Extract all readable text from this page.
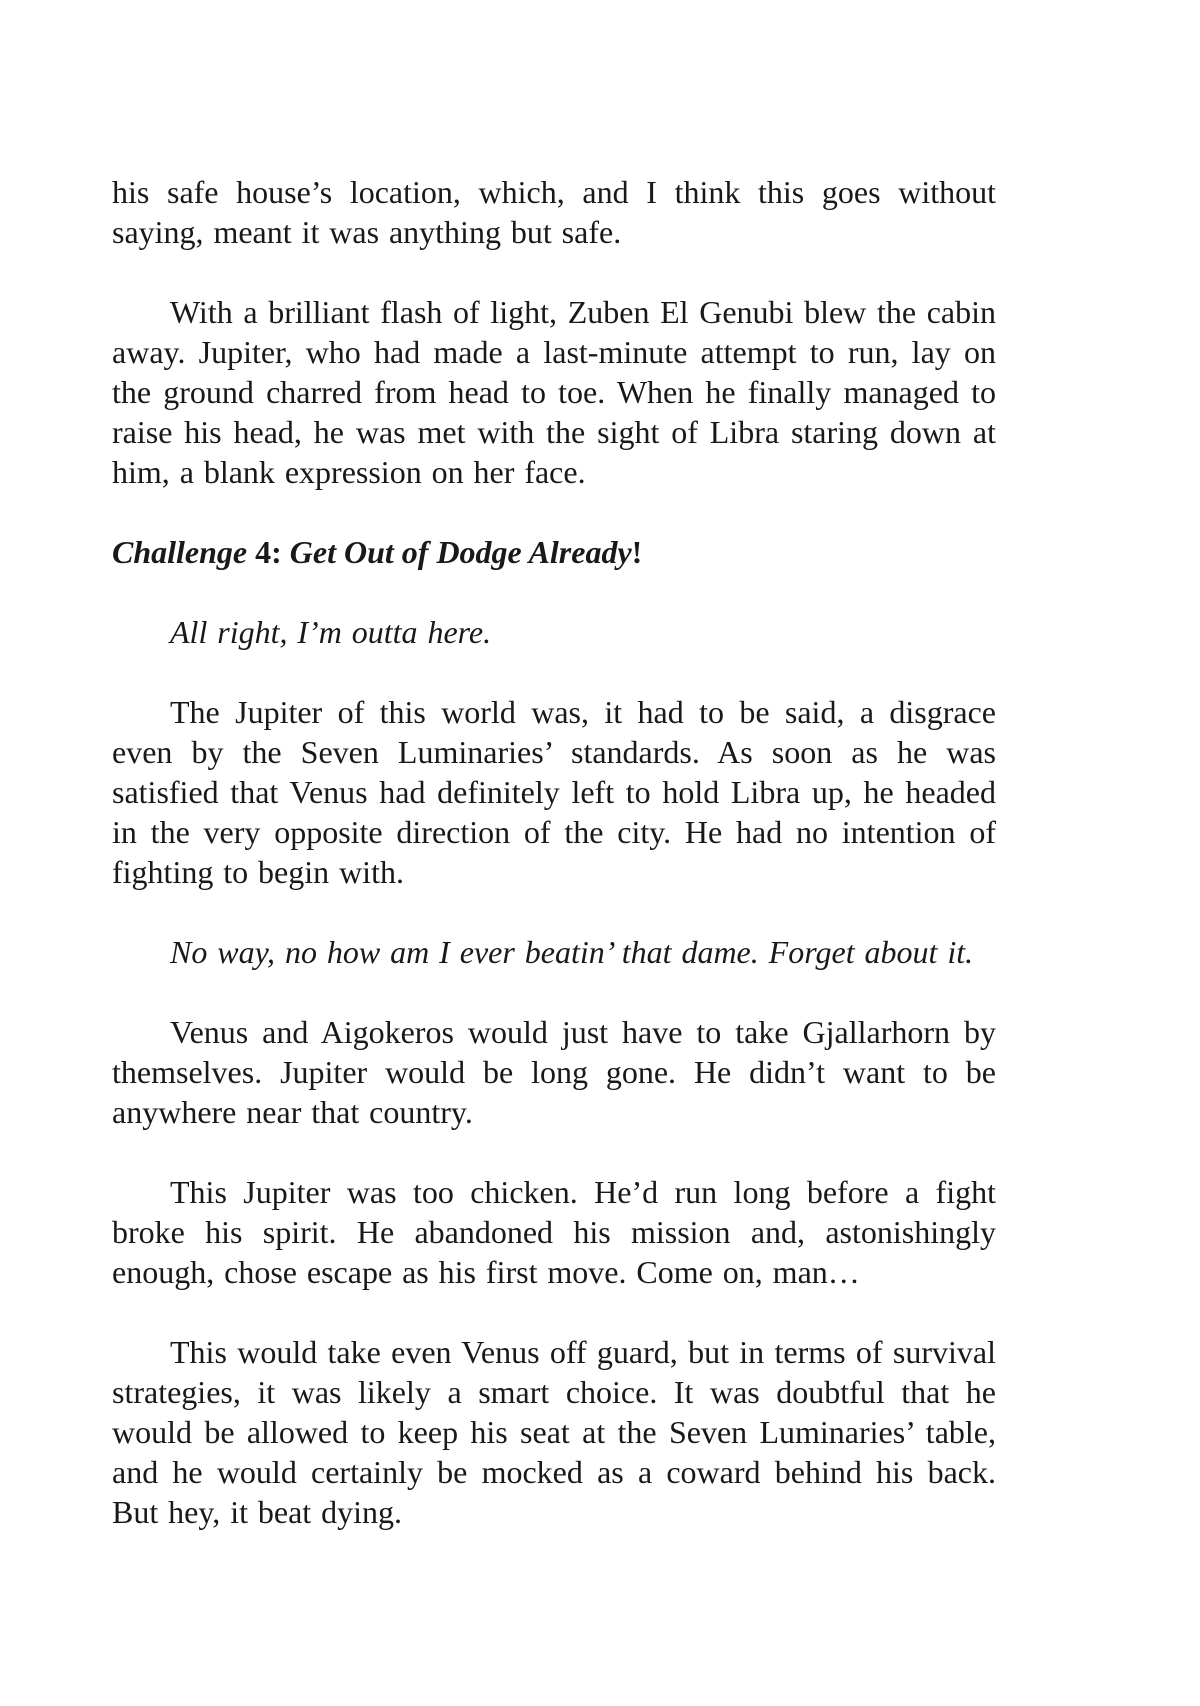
his safe house’s location, which, and I think this goes without saying, meant it was anything but safe.

With a brilliant flash of light, Zuben El Genubi blew the cabin away. Jupiter, who had made a last-minute attempt to run, lay on the ground charred from head to toe. When he finally managed to raise his head, he was met with the sight of Libra staring down at him, a blank expression on her face.

Challenge 4: Get Out of Dodge Already!

All right, I’m outta here.

The Jupiter of this world was, it had to be said, a disgrace even by the Seven Luminaries’ standards. As soon as he was satisfied that Venus had definitely left to hold Libra up, he headed in the very opposite direction of the city. He had no intention of fighting to begin with.

No way, no how am I ever beatin’ that dame. Forget about it.

Venus and Aigokeros would just have to take Gjallarhorn by themselves. Jupiter would be long gone. He didn’t want to be anywhere near that country.

This Jupiter was too chicken. He’d run long before a fight broke his spirit. He abandoned his mission and, astonishingly enough, chose escape as his first move. Come on, man…

This would take even Venus off guard, but in terms of survival strategies, it was likely a smart choice. It was doubtful that he would be allowed to keep his seat at the Seven Luminaries’ table, and he would certainly be mocked as a coward behind his back. But hey, it beat dying.
